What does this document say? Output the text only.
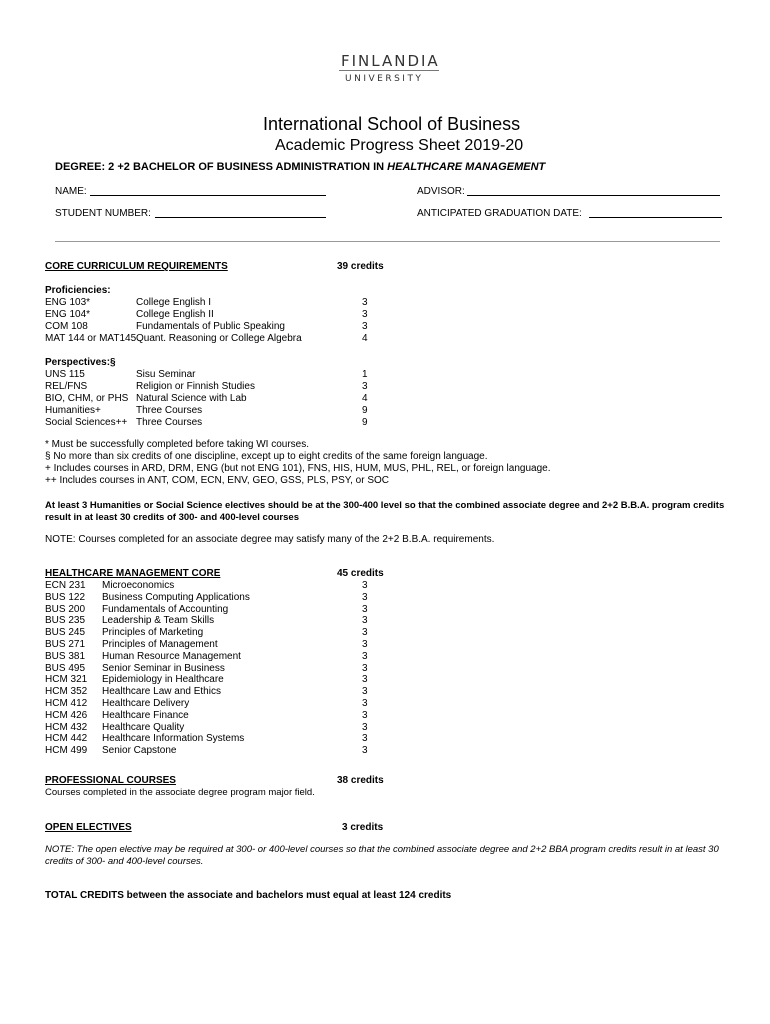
FINLANDIA
UNIVERSITY
International School of Business
Academic Progress Sheet 2019-20
DEGREE: 2 +2 BACHELOR OF BUSINESS ADMINISTRATION IN HEALTHCARE MANAGEMENT
NAME:	ADVISOR:
STUDENT NUMBER:	ANTICIPATED GRADUATION DATE:
CORE CURRICULUM REQUIREMENTS	39 credits
Proficiencies:
ENG 103*	College English I	3
ENG 104*	College English II	3
COM 108	Fundamentals of Public Speaking	3
MAT 144 or MAT145 Quant. Reasoning or College Algebra	4
Perspectives:§
UNS 115	Sisu Seminar	1
REL/FNS	Religion or Finnish Studies	3
BIO, CHM, or PHS Natural Science with Lab	4
Humanities+	Three Courses	9
Social Sciences++ Three Courses	9
* Must be successfully completed before taking WI courses.
§ No more than six credits of one discipline, except up to eight credits of the same foreign language.
+ Includes courses in ARD, DRM, ENG (but not ENG 101), FNS, HIS, HUM, MUS, PHL, REL, or foreign language.
++ Includes courses in ANT, COM, ECN, ENV, GEO, GSS, PLS, PSY, or SOC
At least 3 Humanities or Social Science electives should be at the 300-400 level so that the combined associate degree and 2+2 B.B.A. program credits
result in at least 30 credits of 300- and 400-level courses
NOTE: Courses completed for an associate degree may satisfy many of the 2+2 B.B.A. requirements.
HEALTHCARE MANAGEMENT CORE	45 credits
ECN 231 Microeconomics	3
BUS 122 Business Computing Applications	3
BUS 200 Fundamentals of Accounting	3
BUS 235 Leadership & Team Skills	3
BUS 245 Principles of Marketing	3
BUS 271 Principles of Management	3
BUS 381 Human Resource Management	3
BUS 495 Senior Seminar in Business	3
HCM 321 Epidemiology in Healthcare	3
HCM 352 Healthcare Law and Ethics	3
HCM 412 Healthcare Delivery	3
HCM 426 Healthcare Finance	3
HCM 432 Healthcare Quality	3
HCM 442 Healthcare Information Systems	3
HCM 499 Senior Capstone	3
PROFESSIONAL COURSES	38 credits
Courses completed in the associate degree program major field.
OPEN ELECTIVES	3 credits
NOTE: The open elective may be required at 300- or 400-level courses so that the combined associate degree and 2+2 BBA program credits result in at least 30
credits of 300- and 400-level courses.
TOTAL CREDITS between the associate and bachelors must equal at least 124 credits
